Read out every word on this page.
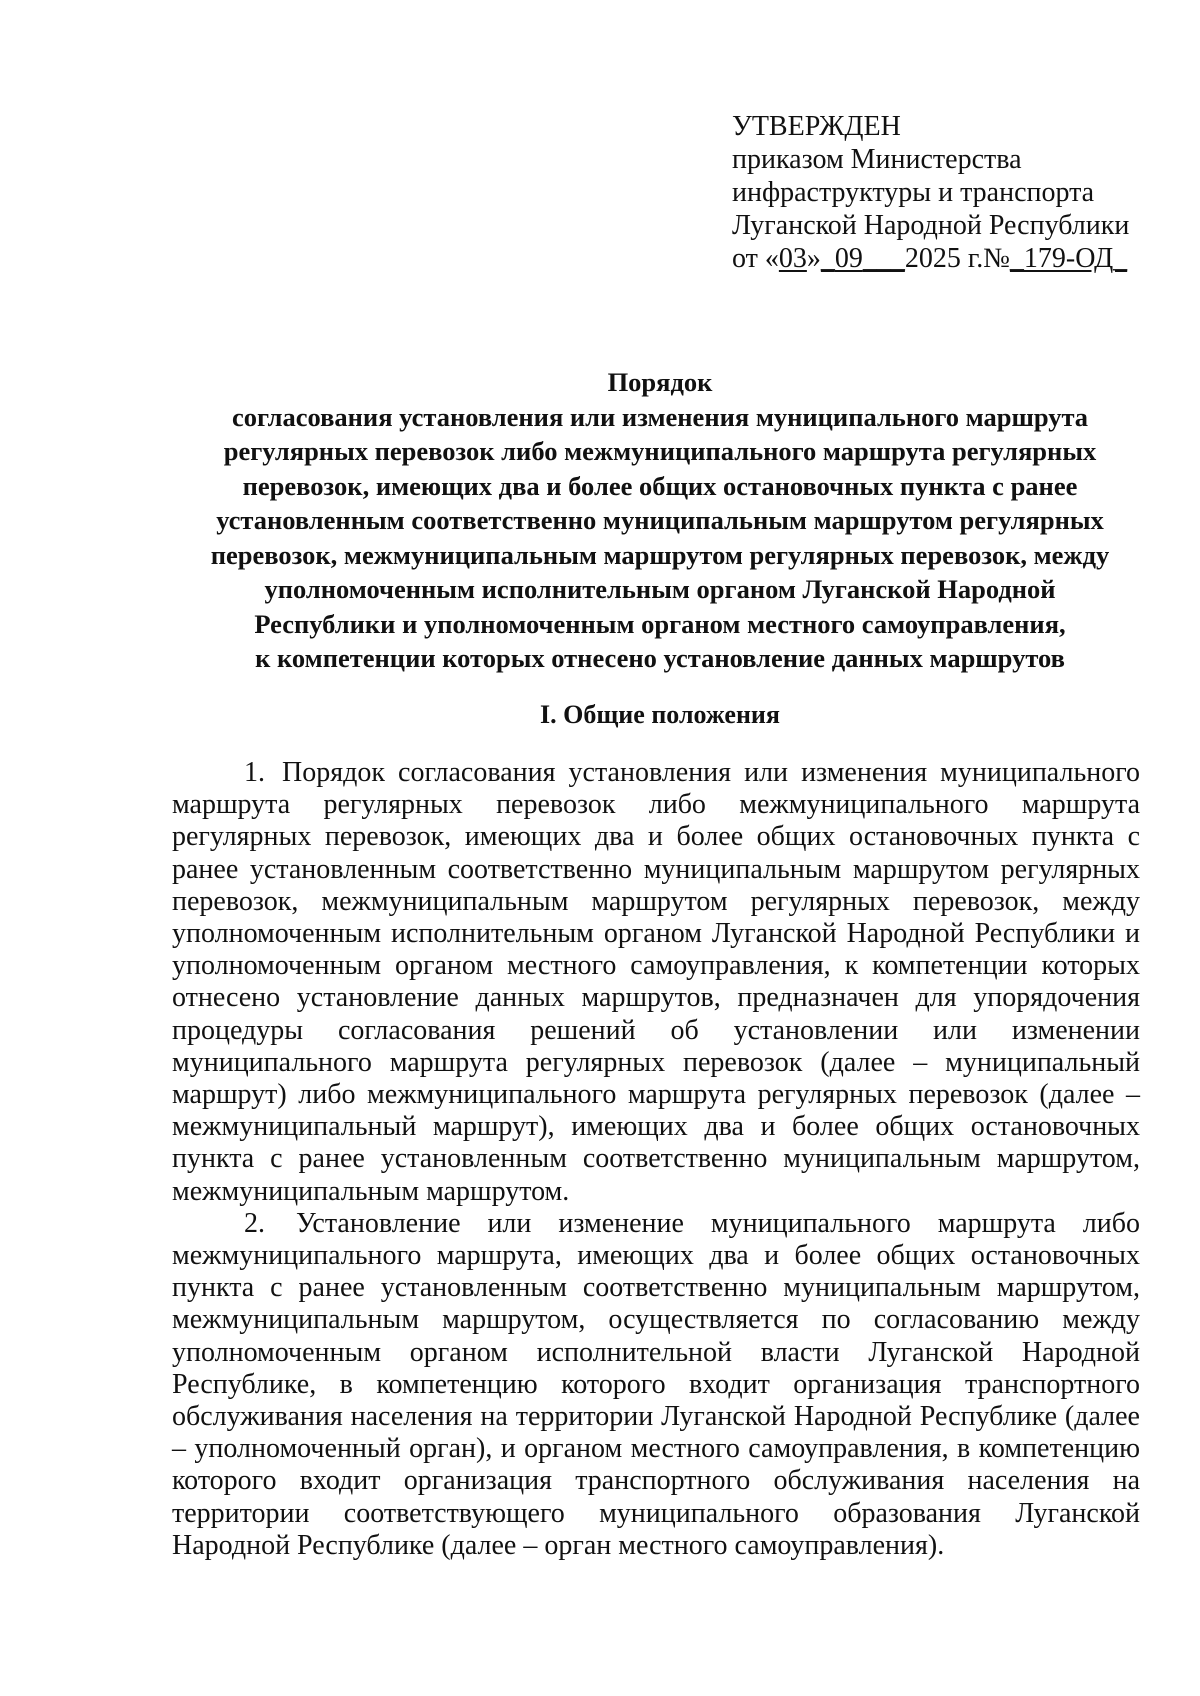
УТВЕРЖДЕН
приказом Министерства
инфраструктуры и транспорта
Луганской Народной Республики
от «03»_09___2025 г.№_179-ОД_
Порядок
согласования установления или изменения муниципального маршрута
регулярных перевозок либо межмуниципального маршрута регулярных
перевозок, имеющих два и более общих остановочных пункта с ранее
установленным соответственно муниципальным маршрутом регулярных
перевозок, межмуниципальным маршрутом регулярных перевозок, между
уполномоченным исполнительным органом Луганской Народной
Республики и уполномоченным органом местного самоуправления,
к компетенции которых отнесено установление данных маршрутов
I. Общие положения

1. Порядок согласования установления или изменения муниципального маршрута регулярных перевозок либо межмуниципального маршрута регулярных перевозок, имеющих два и более общих остановочных пункта с ранее установленным соответственно муниципальным маршрутом регулярных перевозок, межмуниципальным маршрутом регулярных перевозок, между уполномоченным исполнительным органом Луганской Народной Республики и уполномоченным органом местного самоуправления, к компетенции которых отнесено установление данных маршрутов, предназначен для упорядочения процедуры согласования решений об установлении или изменении муниципального маршрута регулярных перевозок (далее – муниципальный маршрут) либо межмуниципального маршрута регулярных перевозок (далее – межмуниципальный маршрут), имеющих два и более общих остановочных пункта с ранее установленным соответственно муниципальным маршрутом, межмуниципальным маршрутом.

2. Установление или изменение муниципального маршрута либо межмуниципального маршрута, имеющих два и более общих остановочных пункта с ранее установленным соответственно муниципальным маршрутом, межмуниципальным маршрутом, осуществляется по согласованию между уполномоченным органом исполнительной власти Луганской Народной Республике, в компетенцию которого входит организация транспортного обслуживания населения на территории Луганской Народной Республике (далее – уполномоченный орган), и органом местного самоуправления, в компетенцию которого входит организация транспортного обслуживания населения на территории соответствующего муниципального образования Луганской Народной Республике (далее – орган местного самоуправления).
